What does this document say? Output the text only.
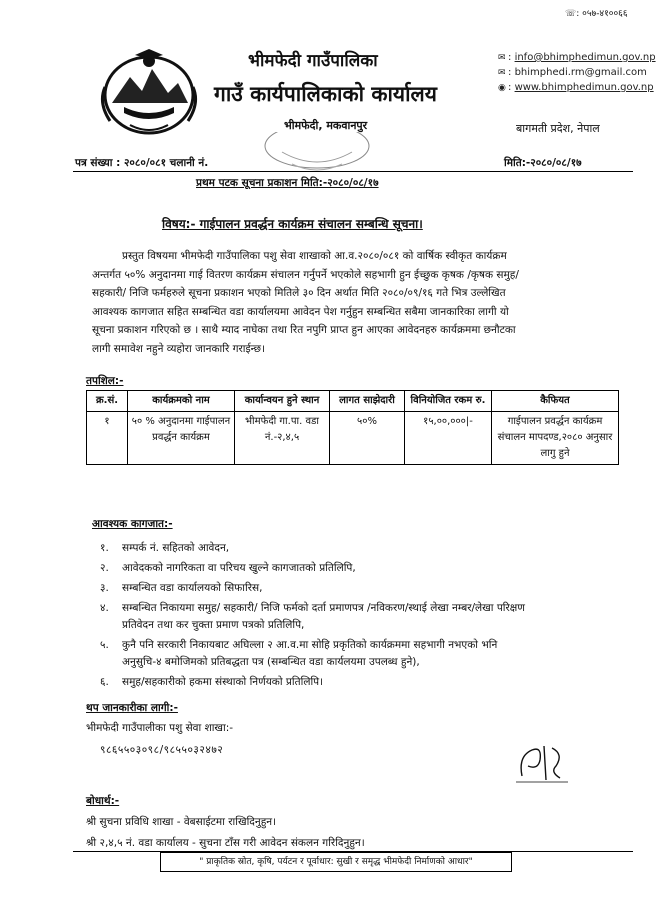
☏: ०५७-४१००६६
✉ : info@bhimphedimun.gov.np
✉ : bhimphedi.rm@gmail.com
◉ : www.bhimphedimun.gov.np
भीमफेदी गाउँपालिका
गाउँ कार्यपालिकाको कार्यालय
भीमफेदी, मकवानपुर	बागमती प्रदेश, नेपाल
पत्र संख्या : २०८०/०८१ चलानी नं.	मिति:-२०८०/०८/१७
प्रथम पटक सूचना प्रकाशन मिति:-२०८०/०८/१७
विषय:- गाईपालन प्रवर्द्धन कार्यक्रम संचालन सम्बन्धि सूचना।
प्रस्तुत विषयमा भीमफेदी गाउँपालिका पशु सेवा शाखाको आ.व.२०८०/०८१ को वार्षिक स्वीकृत कार्यक्रम
अन्तर्गत ५०% अनुदानमा गाई वितरण कार्यक्रम संचालन गर्नुपर्ने भएकोले सहभागी हुन ईच्छुक कृषक /कृषक समुह/
सहकारी/ निजि फर्महरुले सूचना प्रकाशन भएको मितिले ३० दिन अर्थात मिति २०८०/०९/१६ गते भित्र उल्लेखित
आवश्यक कागजात सहित सम्बन्धित वडा कार्यालयमा आवेदन पेश गर्नुहुन सम्बन्धित सबैमा जानकारिका लागी यो
सूचना प्रकाशन गरिएको छ । साथै म्याद नाघेका तथा रित नपुगि प्राप्त हुन आएका आवेदनहरु कार्यक्रममा छनौटका
लागी समावेश नहुने व्यहोरा जानकारि गराईन्छ।
तपशिल:-
क्र.सं.	कार्यक्रमको नाम	कार्यान्वयन हुने स्थान	लागत साझेदारी	विनियोजित रकम रु.	कैफियत
१	५० % अनुदानमा गाईपालन प्रवर्द्धन कार्यक्रम	भीमफेदी गा.पा. वडा नं.-२,४,५	५०%	१५,००,०००|-	गाईपालन प्रवर्द्धन कार्यक्रम संचालन मापदण्ड,२०८० अनुसार लागु हुने
आवश्यक कागजात:-
१. सम्पर्क नं. सहितको आवेदन,
२. आवेदकको नागरिकता वा परिचय खुल्ने कागजातको प्रतिलिपि,
३. सम्बन्धित वडा कार्यालयको सिफारिस,
४. सम्बन्धित निकायमा समुह/ सहकारी/ निजि फर्मको दर्ता प्रमाणपत्र /नविकरण/स्थाई लेखा नम्बर/लेखा परिक्षण
प्रतिवेदन तथा कर चुक्ता प्रमाण पत्रको प्रतिलिपि,
५. कुनै पनि सरकारी निकायबाट अघिल्ला २ आ.व.मा सोहि प्रकृतिको कार्यक्रममा सहभागी नभएको भनि
अनुसुचि-४ बमोजिमको प्रतिबद्धता पत्र (सम्बन्धित वडा कार्यलयमा उपलब्ध हुने),
६. समुह/सहकारीको हकमा संस्थाको निर्णयको प्रतिलिपि।
थप जानकारीका लागी:-
भीमफेदी गाउँपालीका पशु सेवा शाखा:-
९८६५५०३०९८/९८५५०३२४७२
बोधार्थ:-
श्री सुचना प्रविधि शाखा - वेबसाईटमा राखिदिनुहुन।
श्री २,४,५ नं. वडा कार्यालय - सुचना टाँस गरी आवेदन संकलन गरिदिनुहुन।
" प्राकृतिक स्रोत, कृषि, पर्यटन र पूर्वाधार: सुखी र समृद्ध भीमफेदी निर्माणको आधार"
